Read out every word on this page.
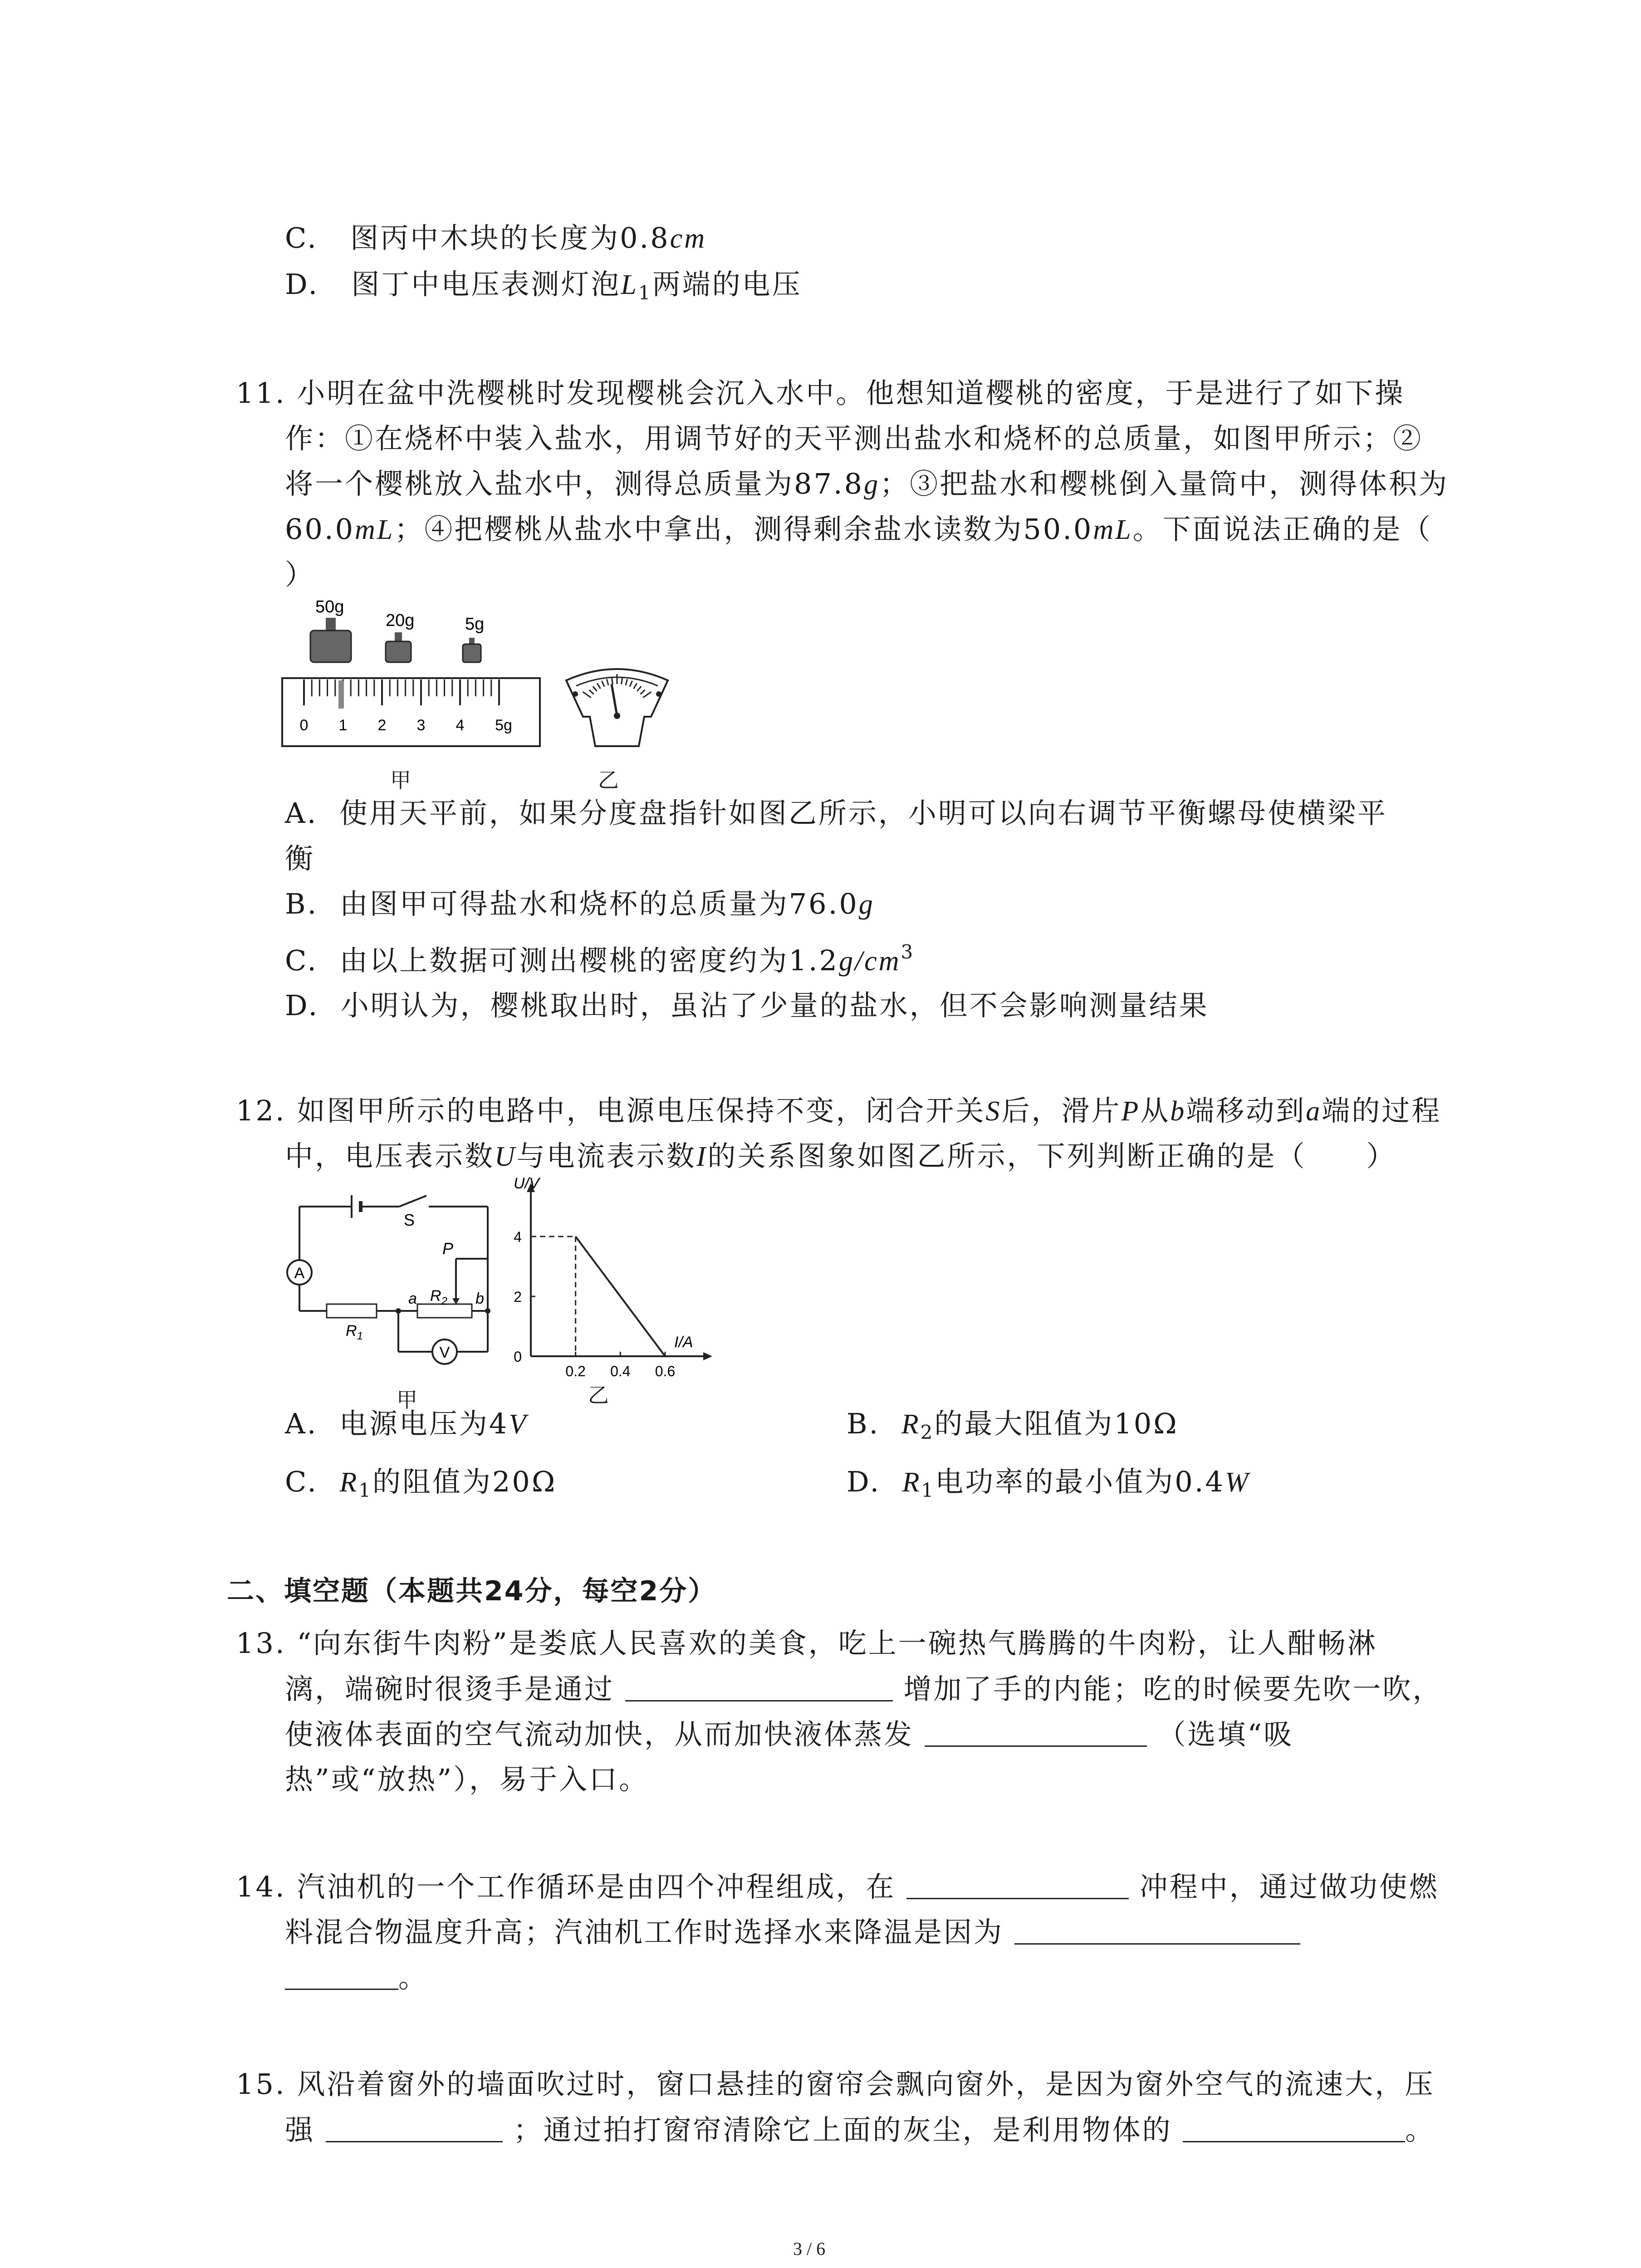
C. 图丙中木块的长度为0.8cm
D. 图丁中电压表测灯泡$L_1$两端的电压
11. 小明在盆中洗樱桃时发现樱桃会沉入水中。他想知道樱桃的密度，于是进行了如下操
作：①在烧杯中装入盐水，用调节好的天平测出盐水和烧杯的总质量，如图甲所示；②
将一个樱桃放入盐水中，测得总质量为87.8g；③把盐水和樱桃倒入量筒中，测得体积为
60.0mL；④把樱桃从盐水中拿出，测得剩余盐水读数为50.0mL。下面说法正确的是（
）
50g
20g	5g
0 1 2 3 4 5g
甲	乙
A. 使用天平前，如果分度盘指针如图乙所示，小明可以向右调节平衡螺母使横梁平
衡
B. 由图甲可得盐水和烧杯的总质量为76.0g
C. 由以上数据可测出樱桃的密度约为$1.2g/cm^3$
D. 小明认为，樱桃取出时，虽沾了少量的盐水，但不会影响测量结果
12. 如图甲所示的电路中，电源电压保持不变，闭合开关S后，滑片P从b端移动到a端的过程
中，电压表示数U与电流表示数I的关系图象如图乙所示，下列判断正确的是（　　）
A
V
S
P
$R_1$
$R_2$
a	b
甲
U/V
I/A
4
2
0
0.2 0.4 0.6
乙
A. 电源电压为4V	B. $R_2$的最大阻值为10Ω
C. $R_1$的阻值为20Ω	D. $R_1$电功率的最小值为0.4W
二、填空题（本题共24分，每空2分）
13. “向东街牛肉粉”是娄底人民喜欢的美食，吃上一碗热气腾腾的牛肉粉，让人酣畅淋
漓，端碗时很烫手是通过	增加了手的内能；吃的时候要先吹一吹，
使液体表面的空气流动加快，从而加快液体蒸发	（选填“吸
热”或“放热”），易于入口。
14. 汽油机的一个工作循环是由四个冲程组成，在	冲程中，通过做功使燃
料混合物温度升高；汽油机工作时选择水来降温是因为
。
15. 风沿着窗外的墙面吹过时，窗口悬挂的窗帘会飘向窗外，是因为窗外空气的流速大，压
强	；通过拍打窗帘清除它上面的灰尘，是利用物体的	。
3 / 6
